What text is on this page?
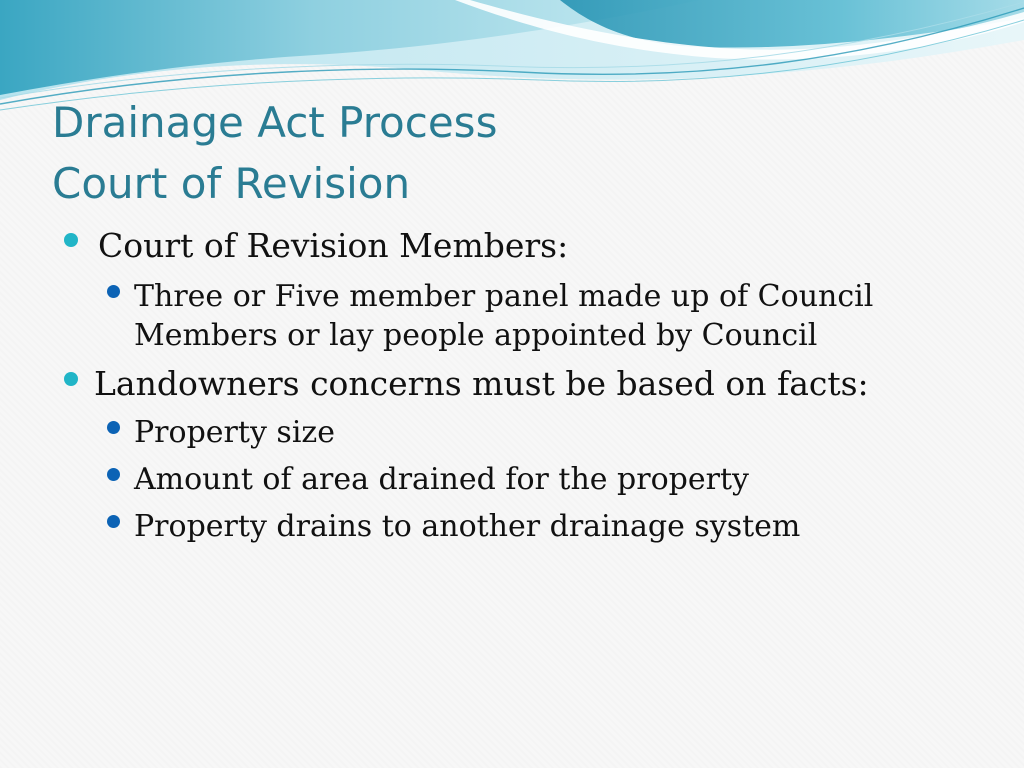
Drainage Act Process
Court of Revision
Court of Revision Members:
Three or Five member panel made up of Council
Members or lay people appointed by Council
Landowners concerns must be based on facts:
Property size
Amount of area drained for the property
Property drains to another drainage system
